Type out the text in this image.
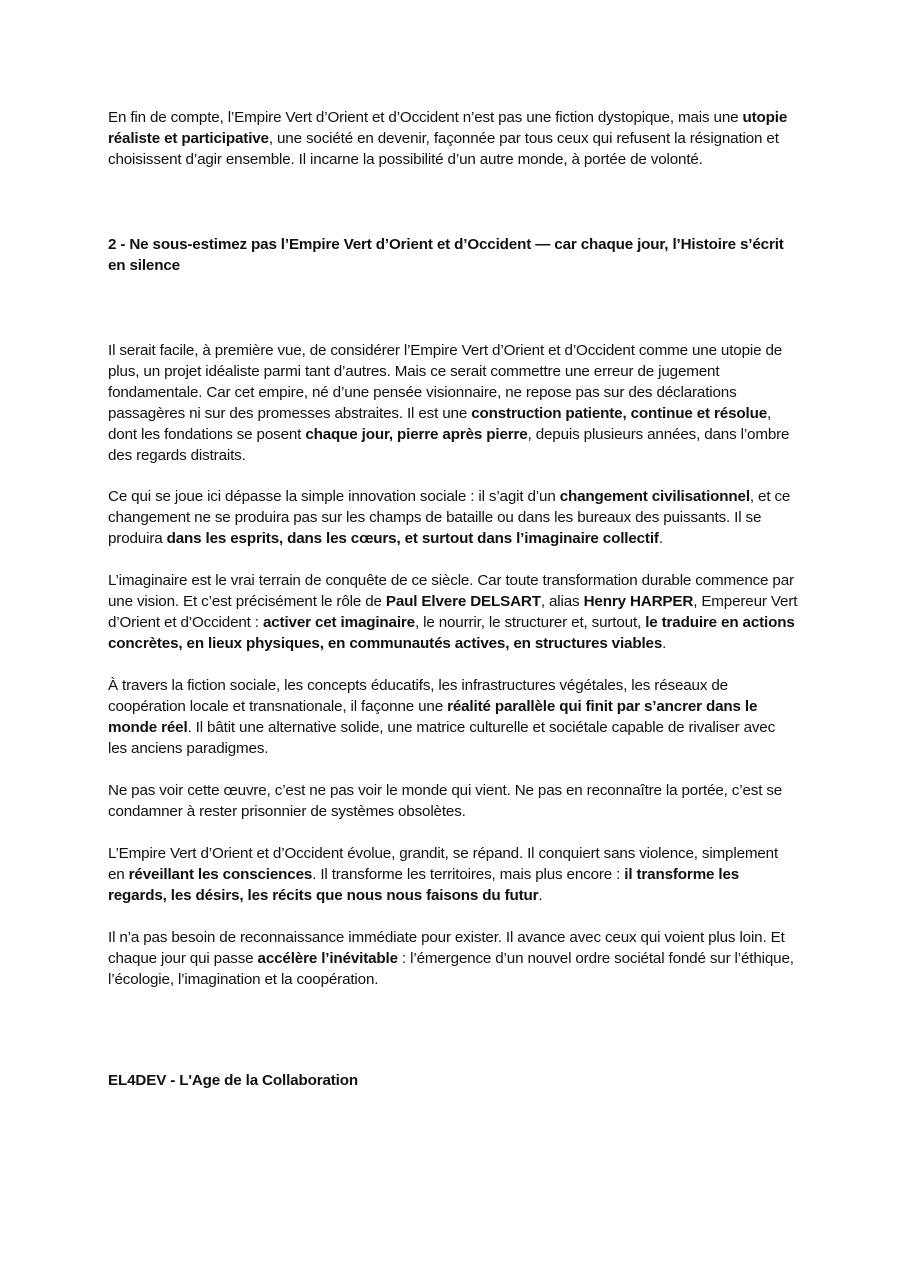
En fin de compte, l’Empire Vert d’Orient et d’Occident n’est pas une fiction dystopique, mais une utopie réaliste et participative, une société en devenir, façonnée par tous ceux qui refusent la résignation et choisissent d’agir ensemble. Il incarne la possibilité d’un autre monde, à portée de volonté.

2 - Ne sous-estimez pas l’Empire Vert d’Orient et d’Occident — car chaque jour, l’Histoire s’écrit en silence

Il serait facile, à première vue, de considérer l’Empire Vert d’Orient et d’Occident comme une utopie de plus, un projet idéaliste parmi tant d’autres. Mais ce serait commettre une erreur de jugement fondamentale. Car cet empire, né d’une pensée visionnaire, ne repose pas sur des déclarations passagères ni sur des promesses abstraites. Il est une construction patiente, continue et résolue, dont les fondations se posent chaque jour, pierre après pierre, depuis plusieurs années, dans l’ombre des regards distraits.

Ce qui se joue ici dépasse la simple innovation sociale : il s’agit d’un changement civilisationnel, et ce changement ne se produira pas sur les champs de bataille ou dans les bureaux des puissants. Il se produira dans les esprits, dans les cœurs, et surtout dans l’imaginaire collectif.

L’imaginaire est le vrai terrain de conquête de ce siècle. Car toute transformation durable commence par une vision. Et c’est précisément le rôle de Paul Elvere DELSART, alias Henry HARPER, Empereur Vert d’Orient et d’Occident : activer cet imaginaire, le nourrir, le structurer et, surtout, le traduire en actions concrètes, en lieux physiques, en communautés actives, en structures viables.

À travers la fiction sociale, les concepts éducatifs, les infrastructures végétales, les réseaux de coopération locale et transnationale, il façonne une réalité parallèle qui finit par s’ancrer dans le monde réel. Il bâtit une alternative solide, une matrice culturelle et sociétale capable de rivaliser avec les anciens paradigmes.

Ne pas voir cette œuvre, c’est ne pas voir le monde qui vient. Ne pas en reconnaître la portée, c’est se condamner à rester prisonnier de systèmes obsolètes.

L’Empire Vert d’Orient et d’Occident évolue, grandit, se répand. Il conquiert sans violence, simplement en réveillant les consciences. Il transforme les territoires, mais plus encore : il transforme les regards, les désirs, les récits que nous nous faisons du futur.

Il n’a pas besoin de reconnaissance immédiate pour exister. Il avance avec ceux qui voient plus loin. Et chaque jour qui passe accélère l’inévitable : l’émergence d’un nouvel ordre sociétal fondé sur l’éthique, l’écologie, l’imagination et la coopération.

EL4DEV - L'Age de la Collaboration
